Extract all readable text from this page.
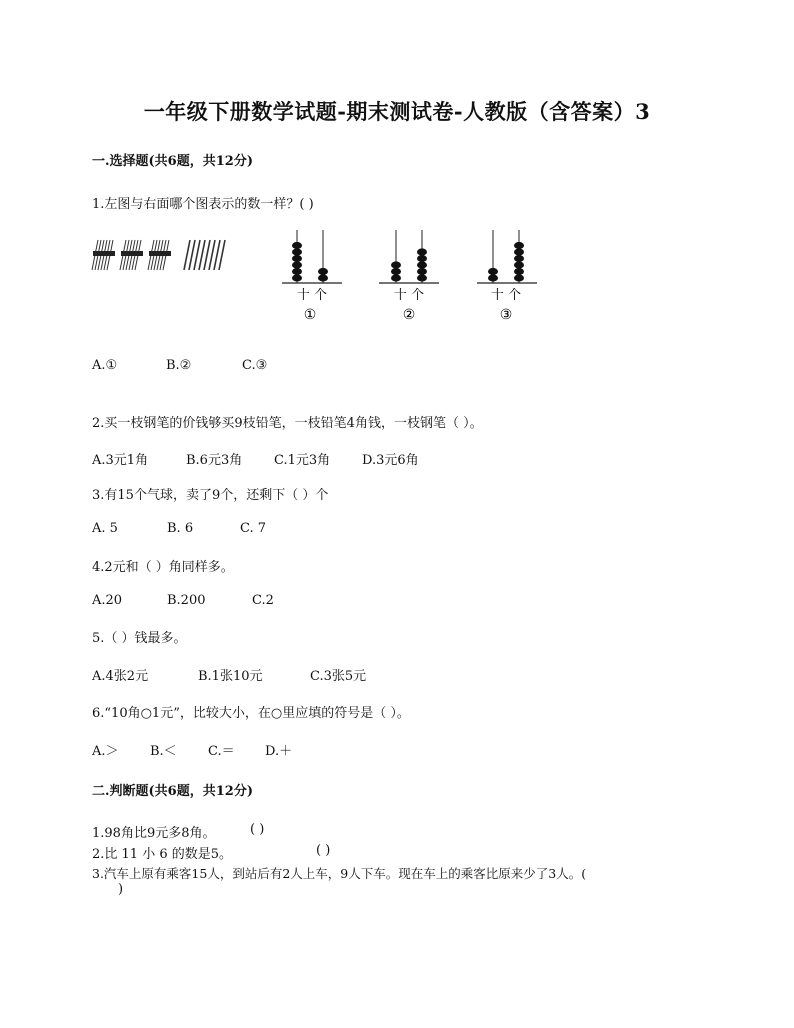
一年级下册数学试题-期末测试卷-人教版（含答案）3
一.选择题(共6题，共12分)
1.左图与右面哪个图表示的数一样？( )
十 个
①
十 个
②
十 个
③
A.①	B.②	C.③
2.买一枝钢笔的价钱够买9枝铅笔，一枝铅笔4角钱，一枝钢笔（ ）。
A.3元1角	B.6元3角 C.1元3角 D.3元6角
3.有15个气球，卖了9个，还剩下（ ）个
A. 5	B. 6	C. 7
4.2元和（ ）角同样多。
A.20	B.200	C.2
5.（ ）钱最多。
A.4张2元	B.1张10元	C.3张5元
6.“10角○1元”，比较大小，在○里应填的符号是（ ）。
A.＞ B.＜ C.＝ D.＋
二.判断题(共6题，共12分)
1.98角比9元多8角。	( )
2.比 11 小 6 的数是5。	( )
3.汽车上原有乘客15人，到站后有2人上车，9人下车。现在车上的乘客比原来少了3人。(
)
